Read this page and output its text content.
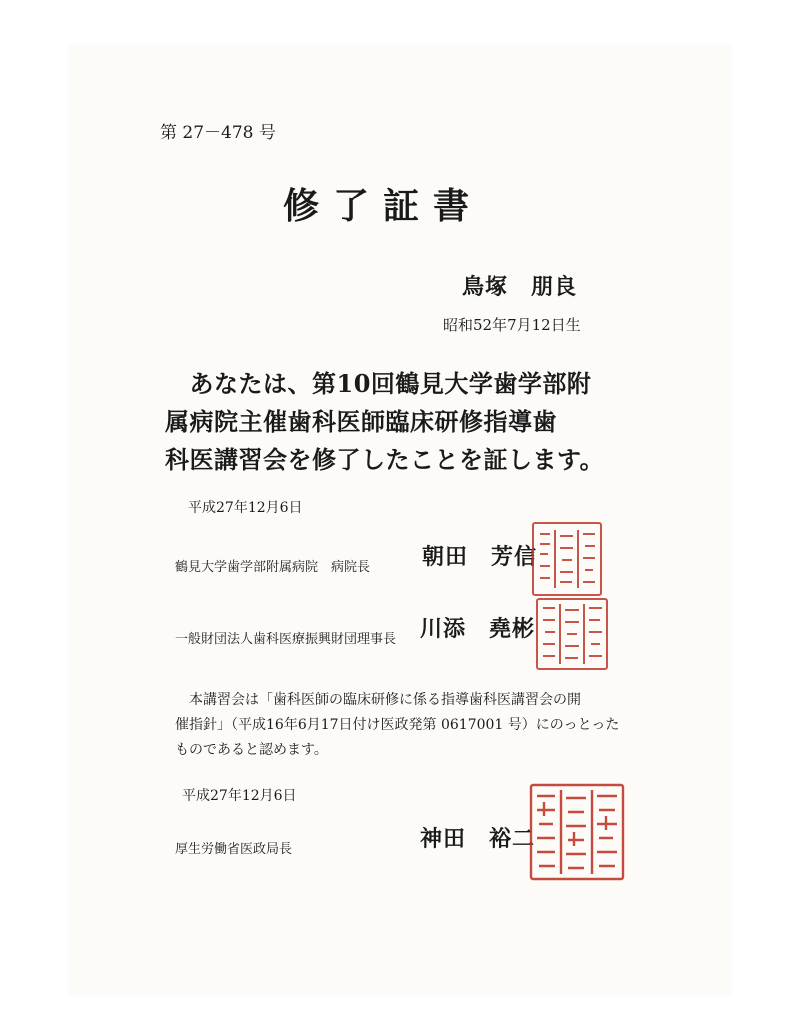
第 27－478 号
修了証書
鳥塚　朋良
昭和52年7月12日生
　あなたは、第10回鶴見大学歯学部附
属病院主催歯科医師臨床研修指導歯
科医講習会を修了したことを証します。
平成27年12月6日
鶴見大学歯学部附属病院　病院長 朝田　芳信
一般財団法人歯科医療振興財団理事長 川添　堯彬
　本講習会は「歯科医師の臨床研修に係る指導歯科医講習会の開
催指針」（平成16年6月17日付け医政発第 0617001 号）にのっとった
ものであると認めます。
平成27年12月6日
厚生労働省医政局長	神田　裕二
